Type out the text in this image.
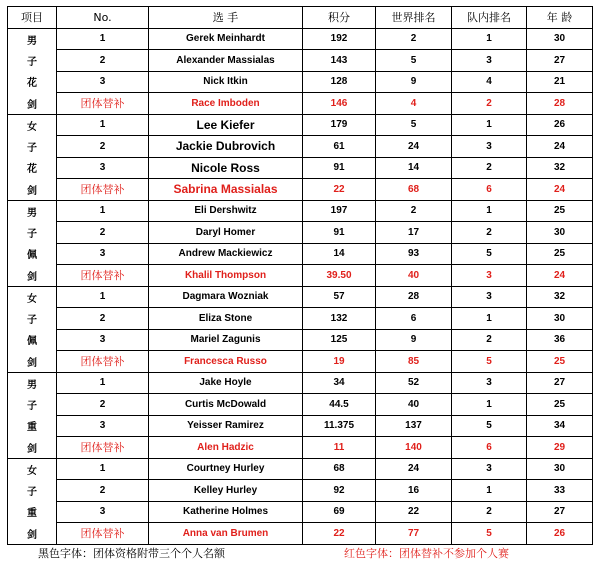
项目	No.	选 手	积分	世界排名	队内排名	年 龄
男	1	Gerek Meinhardt	192	2	1	30
子	2	Alexander Massialas	143	5	3	27
花	3	Nick Itkin	128	9	4	21
剑	团体替补	Race Imboden	146	4	2	28
女	1	Lee Kiefer	179	5	1	26
子	2	Jackie Dubrovich	61	24	3	24
花	3	Nicole Ross	91	14	2	32
剑	团体替补	Sabrina Massialas	22	68	6	24
男	1	Eli Dershwitz	197	2	1	25
子	2	Daryl Homer	91	17	2	30
佩	3	Andrew Mackiewicz	14	93	5	25
剑	团体替补	Khalil Thompson	39.50	40	3	24
女	1	Dagmara Wozniak	57	28	3	32
子	2	Eliza Stone	132	6	1	30
佩	3	Mariel Zagunis	125	9	2	36
剑	团体替补	Francesca Russo	19	85	5	25
男	1	Jake Hoyle	34	52	3	27
子	2	Curtis McDowald	44.5	40	1	25
重	3	Yeisser Ramirez	11.375	137	5	34
剑	团体替补	Alen Hadzic	11	140	6	29
女	1	Courtney Hurley	68	24	3	30
子	2	Kelley Hurley	92	16	1	33
重	3	Katherine Holmes	69	22	2	27
剑	团体替补	Anna van Brumen	22	77	5	26
黑色字体：团体资格附带三个个人名额	红色字体：团体替补不参加个人赛
